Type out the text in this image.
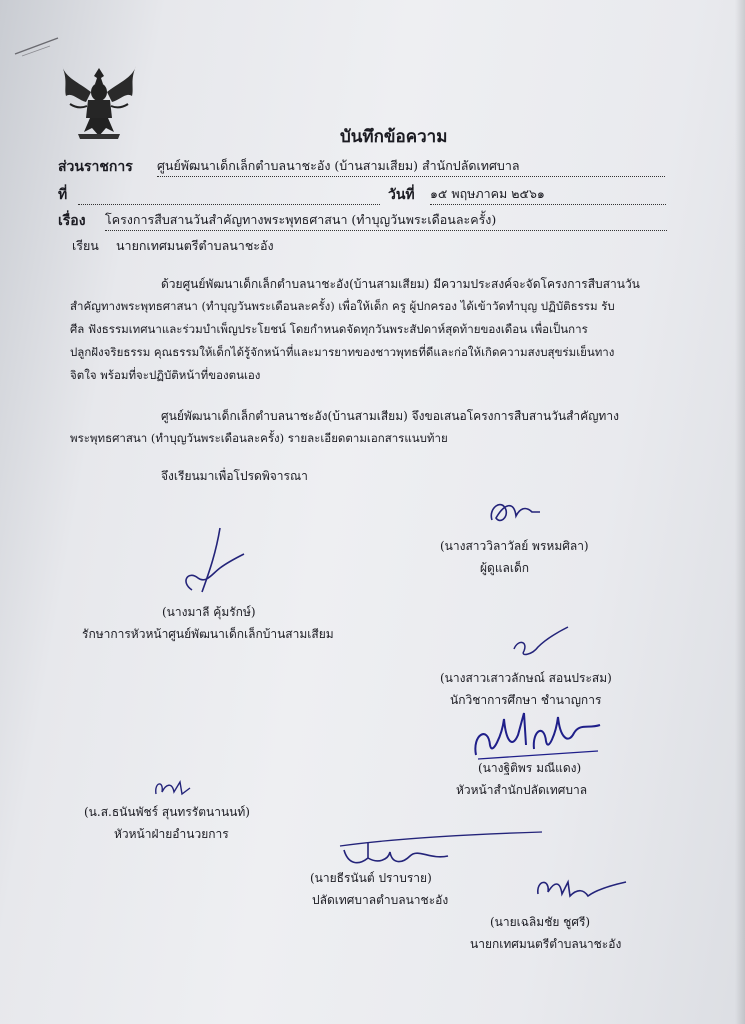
บันทึกข้อความ
ส่วนราชการ ศูนย์พัฒนาเด็กเล็กตำบลนาชะอัง (บ้านสามเสียม) สำนักปลัดเทศบาล
ที่	วันที่ ๑๕ พฤษภาคม ๒๕๖๑
เรื่อง โครงการสืบสานวันสำคัญทางพระพุทธศาสนา (ทำบุญวันพระเดือนละครั้ง)
เรียน นายกเทศมนตรีตำบลนาชะอัง
ด้วยศูนย์พัฒนาเด็กเล็กตำบลนาชะอัง(บ้านสามเสียม) มีความประสงค์จะจัดโครงการสืบสานวัน
สำคัญทางพระพุทธศาสนา (ทำบุญวันพระเดือนละครั้ง) เพื่อให้เด็ก ครู ผู้ปกครอง ได้เข้าวัดทำบุญ ปฏิบัติธรรม รับ
ศีล ฟังธรรมเทศนาและร่วมบำเพ็ญประโยชน์ โดยกำหนดจัดทุกวันพระสัปดาห์สุดท้ายของเดือน เพื่อเป็นการ
ปลูกฝังจริยธรรม คุณธรรมให้เด็กได้รู้จักหน้าที่และมารยาทของชาวพุทธที่ดีและก่อให้เกิดความสงบสุขร่มเย็นทาง
จิตใจ พร้อมที่จะปฏิบัติหน้าที่ของตนเอง
ศูนย์พัฒนาเด็กเล็กตำบลนาชะอัง(บ้านสามเสียม) จึงขอเสนอโครงการสืบสานวันสำคัญทาง
พระพุทธศาสนา (ทำบุญวันพระเดือนละครั้ง) รายละเอียดตามเอกสารแนบท้าย
จึงเรียนมาเพื่อโปรดพิจารณา
(นางสาววิลาวัลย์ พรหมศิลา)
ผู้ดูแลเด็ก
(นางมาลี คุ้มรักษ์)
รักษาการหัวหน้าศูนย์พัฒนาเด็กเล็กบ้านสามเสียม
(นางสาวเสาวลักษณ์ สอนประสม)
นักวิชาการศึกษา ชำนาญการ
(นางฐิติพร มณีแดง)
หัวหน้าสำนักปลัดเทศบาล
(น.ส.ธนันพัชร์ สุนทรรัตนานนท์)
หัวหน้าฝ่ายอำนวยการ
(นายธีรนันต์ ปราบราย)
ปลัดเทศบาลตำบลนาชะอัง
(นายเฉลิมชัย ชูศรี)
นายกเทศมนตรีตำบลนาชะอัง
